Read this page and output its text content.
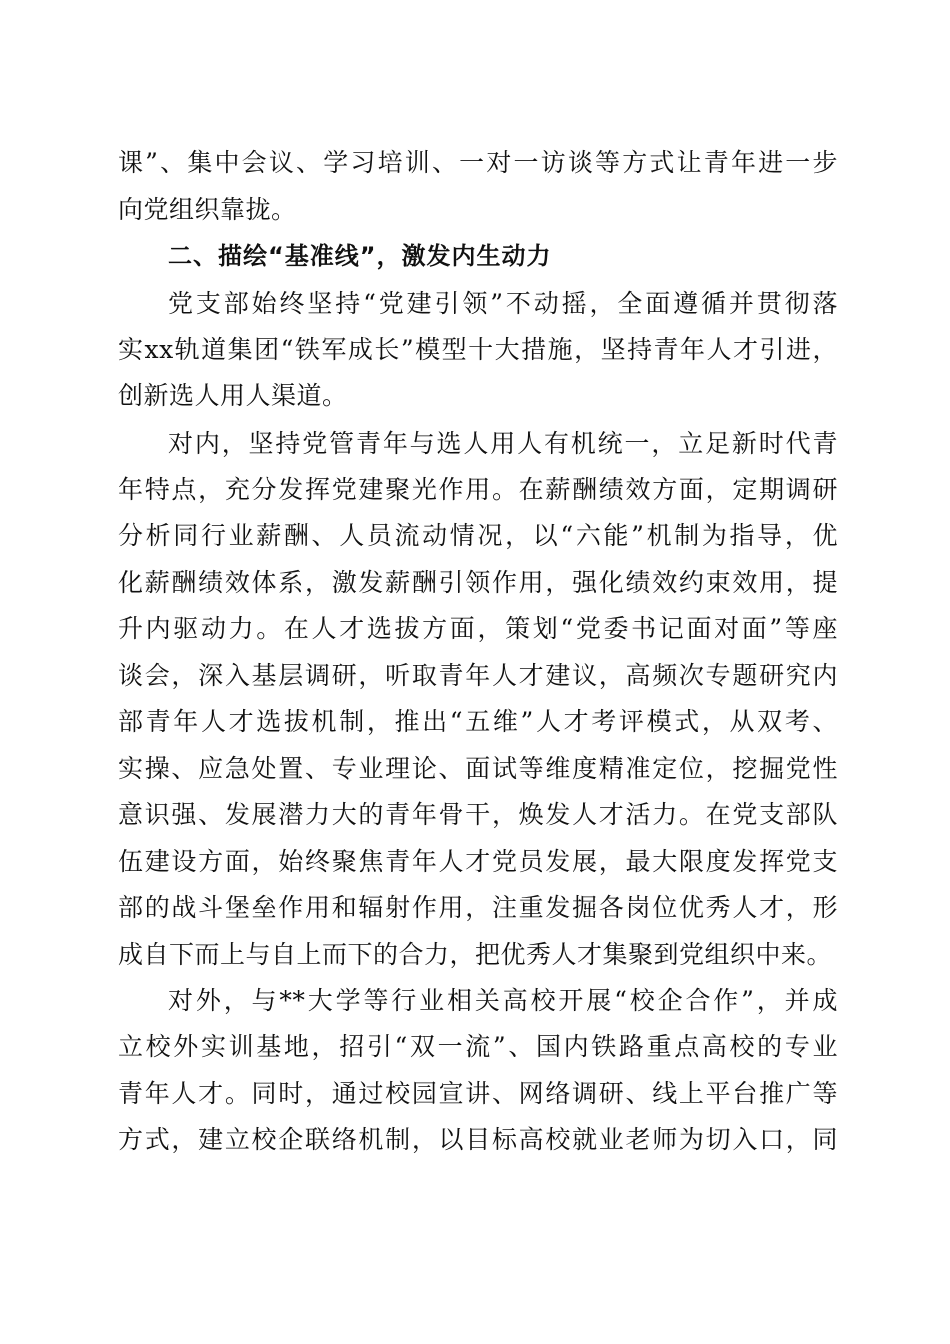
课”、集中会议、学习培训、一对一访谈等方式让青年进一步
向党组织靠拢。
二、描绘“基准线”，激发内生动力
党支部始终坚持“党建引领”不动摇，全面遵循并贯彻落
实xx轨道集团“铁军成长”模型十大措施，坚持青年人才引进，
创新选人用人渠道。
对内，坚持党管青年与选人用人有机统一，立足新时代青
年特点，充分发挥党建聚光作用。在薪酬绩效方面，定期调研
分析同行业薪酬、人员流动情况，以“六能”机制为指导，优
化薪酬绩效体系，激发薪酬引领作用，强化绩效约束效用，提
升内驱动力。在人才选拔方面，策划“党委书记面对面”等座
谈会，深入基层调研，听取青年人才建议，高频次专题研究内
部青年人才选拔机制，推出“五维”人才考评模式，从双考、
实操、应急处置、专业理论、面试等维度精准定位，挖掘党性
意识强、发展潜力大的青年骨干，焕发人才活力。在党支部队
伍建设方面，始终聚焦青年人才党员发展，最大限度发挥党支
部的战斗堡垒作用和辐射作用，注重发掘各岗位优秀人才，形
成自下而上与自上而下的合力，把优秀人才集聚到党组织中来。
对外，与**大学等行业相关高校开展“校企合作”，并成
立校外实训基地，招引“双一流”、国内铁路重点高校的专业
青年人才。同时，通过校园宣讲、网络调研、线上平台推广等
方式，建立校企联络机制，以目标高校就业老师为切入口，同
